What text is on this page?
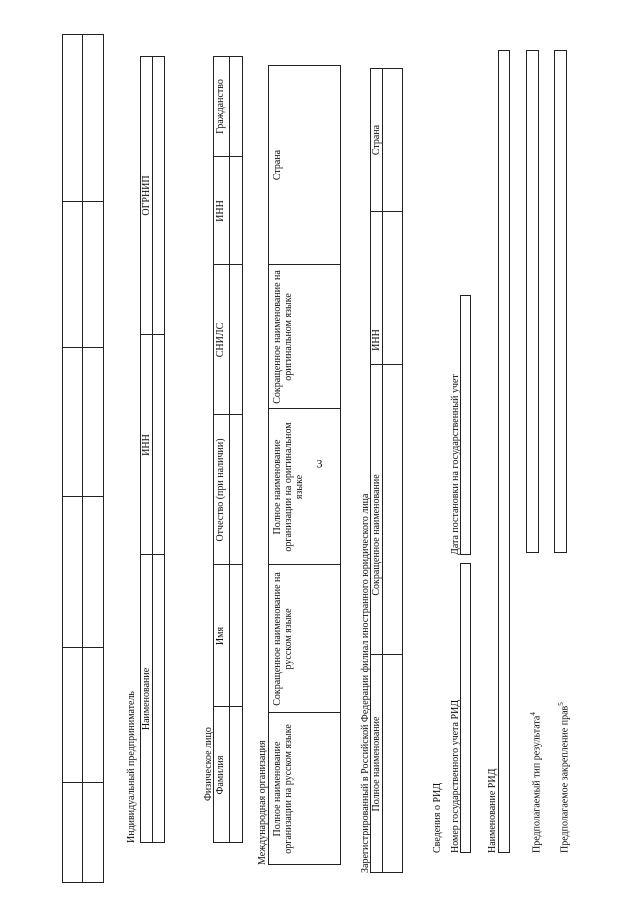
3
Индивидуальный предприниматель Наименование
ИНН
ОГРНИП
Физическое лицо Фамилия
Имя
Отчество (при наличии)
СНИЛС
ИНН
Гражданство
Международная организация Полное наименование организации на русском языке
Сокращенное наименование на русском языке
Полное наименование организации на оригинальном языке
Сокращенное наименование на оригинальном языке
Страна
Зарегистрированный в Российской Федерации филиал иностранного юридического лица Полное наименование
Сокращенное наименование
ИНН
Страна
Сведения о РИД Номер государственного учета РИД
Дата постановки на государственный учет
Наименование РИД	Предполагаемый тип результата$^4$	Предполагаемое закрепление прав$^5$
